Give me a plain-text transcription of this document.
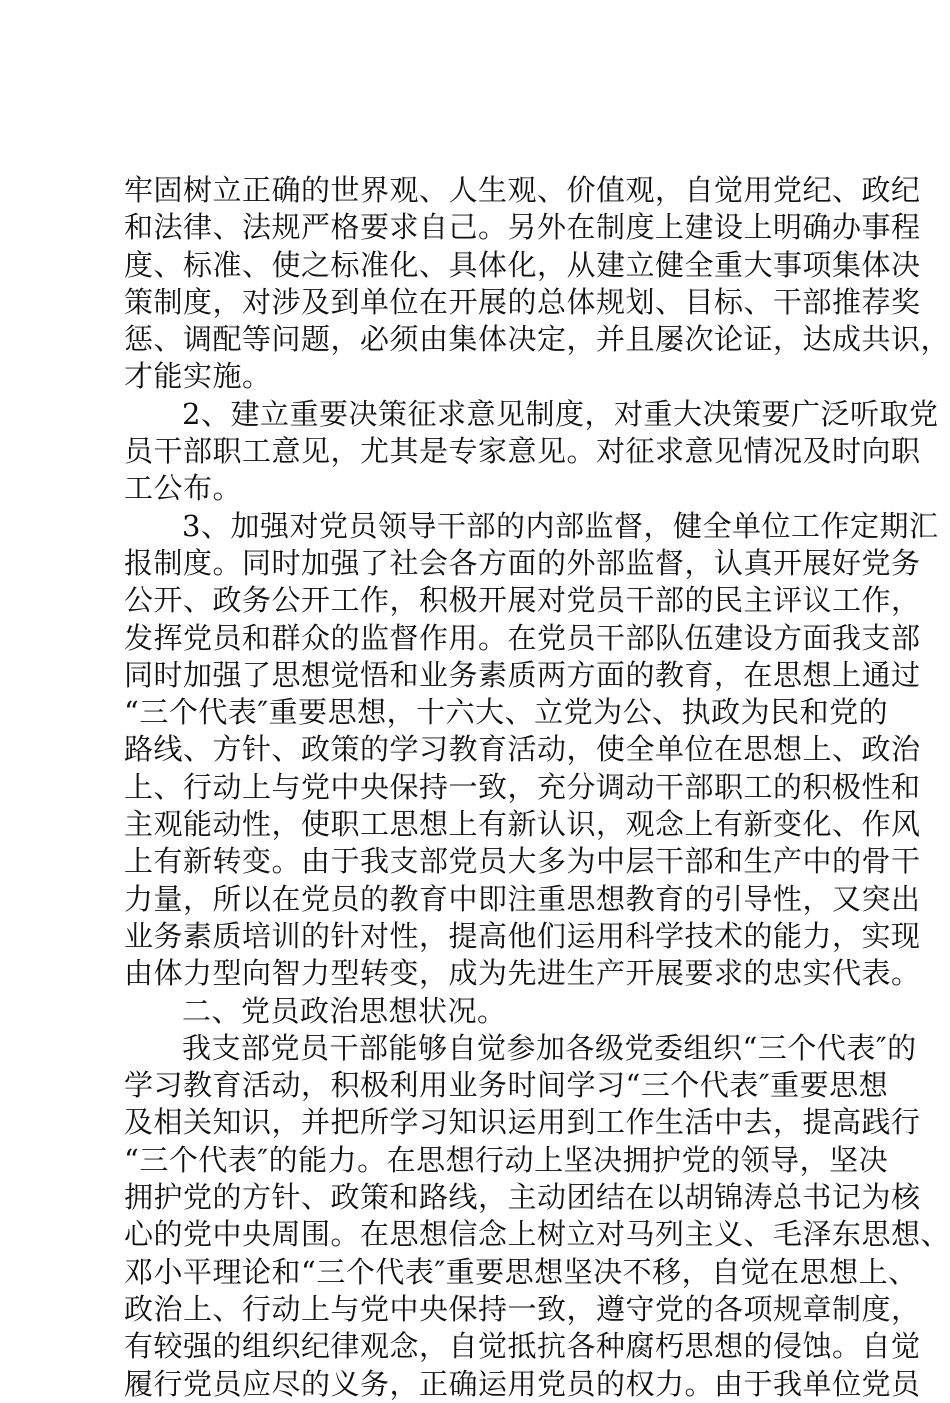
牢固树立正确的世界观、人生观、价值观，自觉用党纪、政纪
和法律、法规严格要求自己。另外在制度上建设上明确办事程
度、标准、使之标准化、具体化，从建立健全重大事项集体决
策制度，对涉及到单位在开展的总体规划、目标、干部推荐奖
惩、调配等问题，必须由集体决定，并且屡次论证，达成共识，
才能实施。
2、建立重要决策征求意见制度，对重大决策要广泛听取党
员干部职工意见，尤其是专家意见。对征求意见情况及时向职
工公布。
3、加强对党员领导干部的内部监督，健全单位工作定期汇
报制度。同时加强了社会各方面的外部监督，认真开展好党务
公开、政务公开工作，积极开展对党员干部的民主评议工作，
发挥党员和群众的监督作用。在党员干部队伍建设方面我支部
同时加强了思想觉悟和业务素质两方面的教育，在思想上通过
“三个代表″重要思想，十六大、立党为公、执政为民和党的
路线、方针、政策的学习教育活动，使全单位在思想上、政治
上、行动上与党中央保持一致，充分调动干部职工的积极性和
主观能动性，使职工思想上有新认识，观念上有新变化、作风
上有新转变。由于我支部党员大多为中层干部和生产中的骨干
力量，所以在党员的教育中即注重思想教育的引导性，又突出
业务素质培训的针对性，提高他们运用科学技术的能力，实现
由体力型向智力型转变，成为先进生产开展要求的忠实代表。
二、党员政治思想状况。
我支部党员干部能够自觉参加各级党委组织“三个代表″的
学习教育活动，积极利用业务时间学习“三个代表″重要思想
及相关知识，并把所学习知识运用到工作生活中去，提高践行
“三个代表″的能力。在思想行动上坚决拥护党的领导，坚决
拥护党的方针、政策和路线，主动团结在以胡锦涛总书记为核
心的党中央周围。在思想信念上树立对马列主义、毛泽东思想、
邓小平理论和“三个代表″重要思想坚决不移，自觉在思想上、
政治上、行动上与党中央保持一致，遵守党的各项规章制度，
有较强的组织纪律观念，自觉抵抗各种腐朽思想的侵蚀。自觉
履行党员应尽的义务，正确运用党员的权力。由于我单位党员
